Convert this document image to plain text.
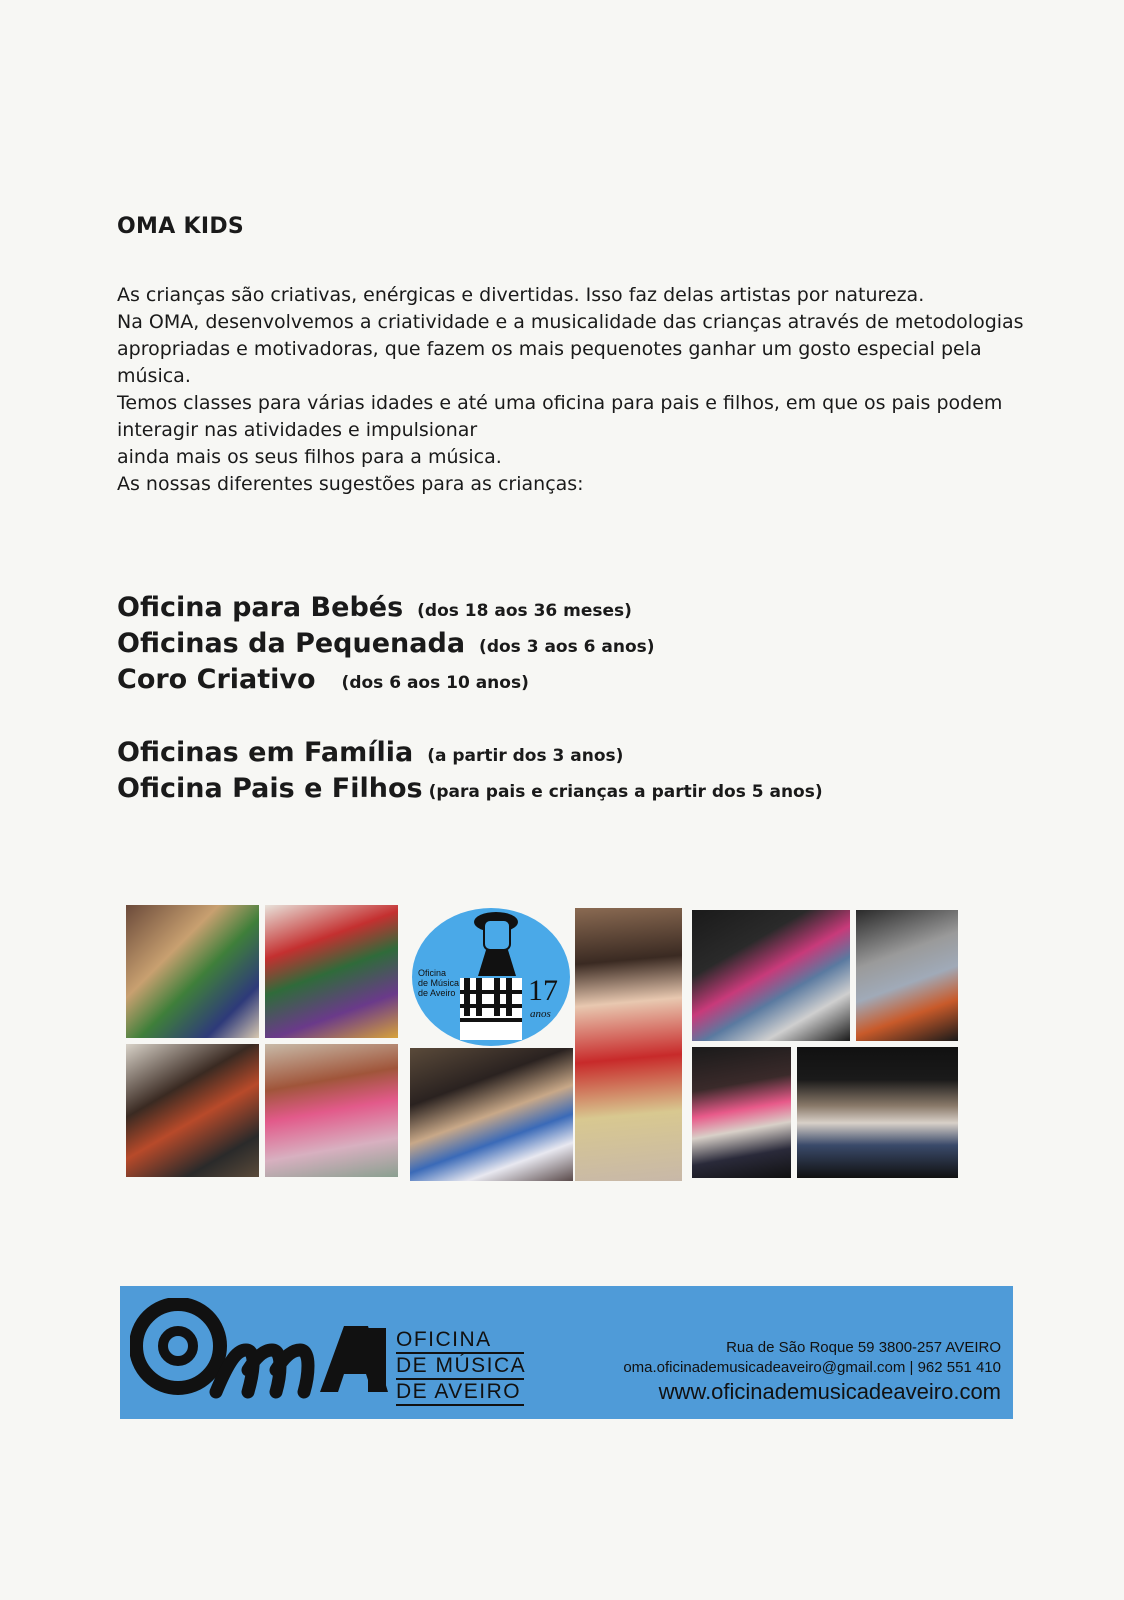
OMA KIDS

As crianças são criativas, enérgicas e divertidas. Isso faz delas artistas por natureza.

Na OMA, desenvolvemos a criatividade e a musicalidade das crianças através de metodologias apropriadas e motivadoras, que fazem os mais pequenotes ganhar um gosto especial pela música.

Temos classes para várias idades e até uma oficina para pais e filhos, em que os pais podem interagir nas atividades e impulsionar

ainda mais os seus filhos para a música.

As nossas diferentes sugestões para as crianças:

Oficina para Bebés (dos 18 aos 36 meses)
Oficinas da Pequenada (dos 3 aos 6 anos)
Coro Criativo (dos 6 aos 10 anos)
Oficinas em Família (a partir dos 3 anos)
Oficina Pais e Filhos (para pais e crianças a partir dos 5 anos)
Oficina
de Música
de Aveiro 17
anos
OFICINA
DE MÚSICA
DE AVEIRO
Rua de São Roque 59 3800-257 AVEIRO
oma.oficinademusicadeaveiro@gmail.com | 962 551 410
www.oficinademusicadeaveiro.com
